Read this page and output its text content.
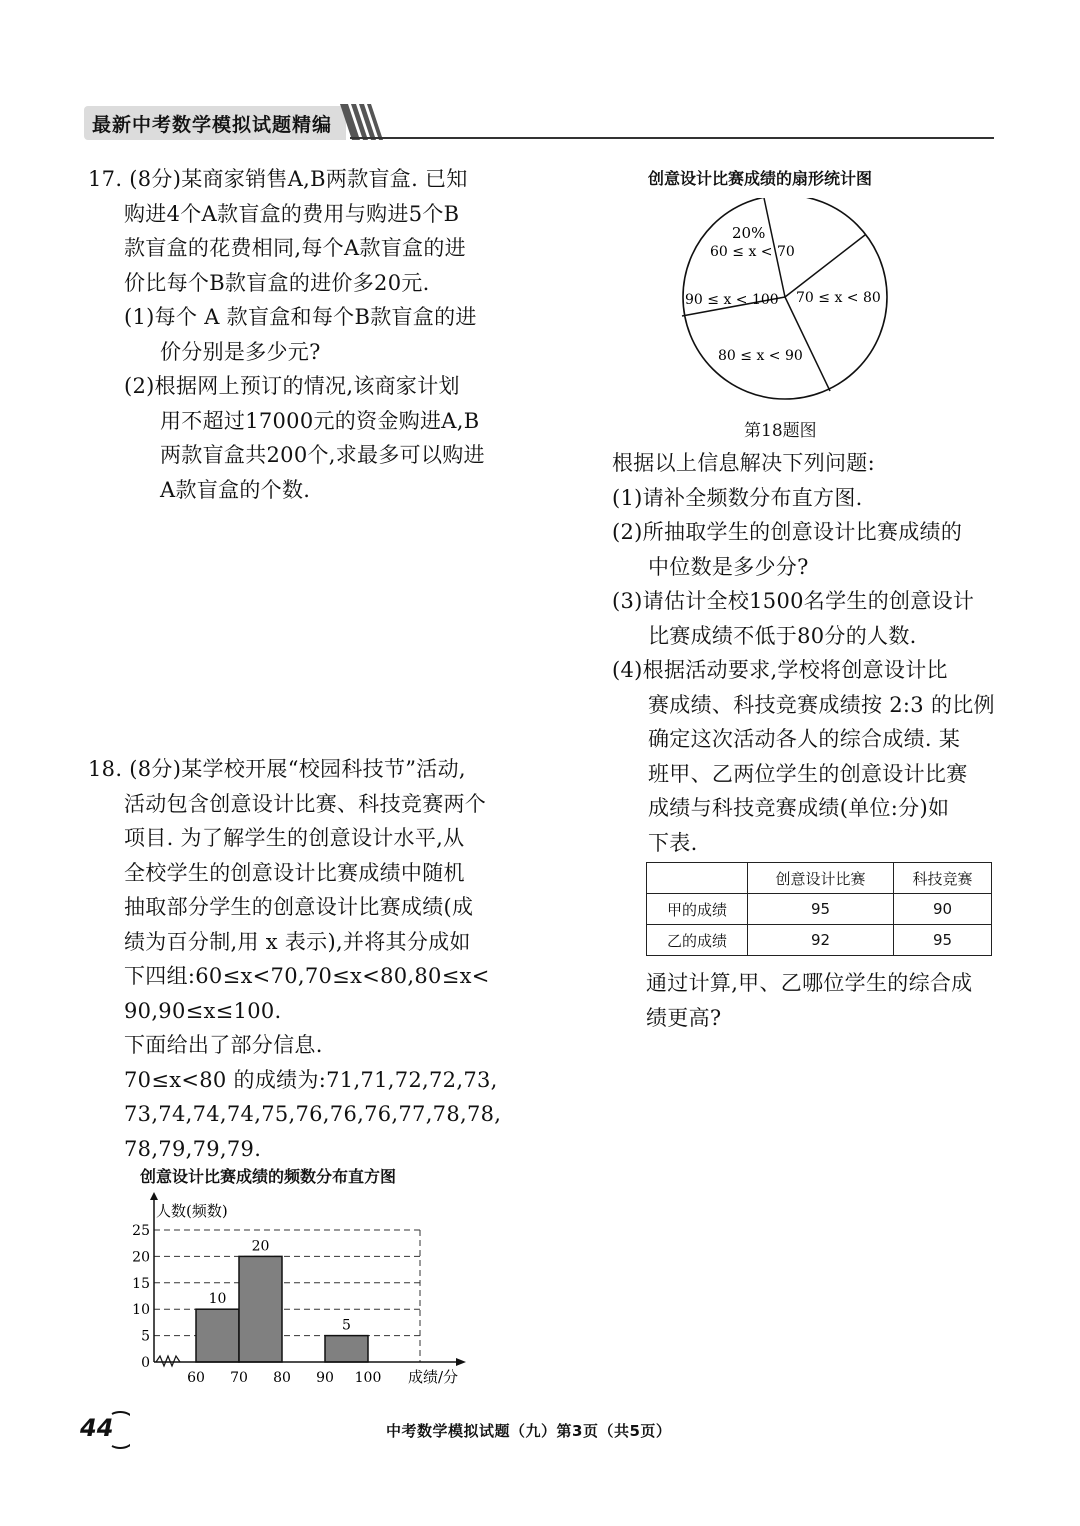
最新中考数学模拟试题精编
17. (8分)某商家销售A,B两款盲盒. 已知
购进4个A款盲盒的费用与购进5个B
款盲盒的花费相同,每个A款盲盒的进
价比每个B款盲盒的进价多20元.
(1)每个 A 款盲盒和每个B款盲盒的进
价分别是多少元?
(2)根据网上预订的情况,该商家计划
用不超过17000元的资金购进A,B
两款盲盒共200个,求最多可以购进
A款盲盒的个数.
18. (8分)某学校开展“校园科技节”活动,
活动包含创意设计比赛、科技竞赛两个
项目. 为了解学生的创意设计水平,从
全校学生的创意设计比赛成绩中随机
抽取部分学生的创意设计比赛成绩(成
绩为百分制,用 x 表示),并将其分成如
下四组:60≤x<70,70≤x<80,80≤x<
90,90≤x≤100.
下面给出了部分信息.
70≤x<80 的成绩为:71,71,72,72,73,
73,74,74,74,75,76,76,76,77,78,78,
78,79,79,79.
创意设计比赛成绩的频数分布直方图
人数(频数)
成绩/分
10
20
5
0
5
10
15
20
25
60 70 80 90 100
创意设计比赛成绩的扇形统计图
20%
60 ≤ x < 70
70 ≤ x < 80
80 ≤ x < 90
90 ≤ x < 100
第18题图
根据以上信息解决下列问题:
(1)请补全频数分布直方图.
(2)所抽取学生的创意设计比赛成绩的
中位数是多少分?
(3)请估计全校1500名学生的创意设计
比赛成绩不低于80分的人数.
(4)根据活动要求,学校将创意设计比
赛成绩、科技竞赛成绩按 2:3 的比例
确定这次活动各人的综合成绩. 某
班甲、乙两位学生的创意设计比赛
成绩与科技竞赛成绩(单位:分)如
下表.
	创意设计比赛	科技竞赛
甲的成绩	95	90
乙的成绩	92	95
通过计算,甲、乙哪位学生的综合成
绩更高?
44	中考数学模拟试题（九）第3页（共5页）
